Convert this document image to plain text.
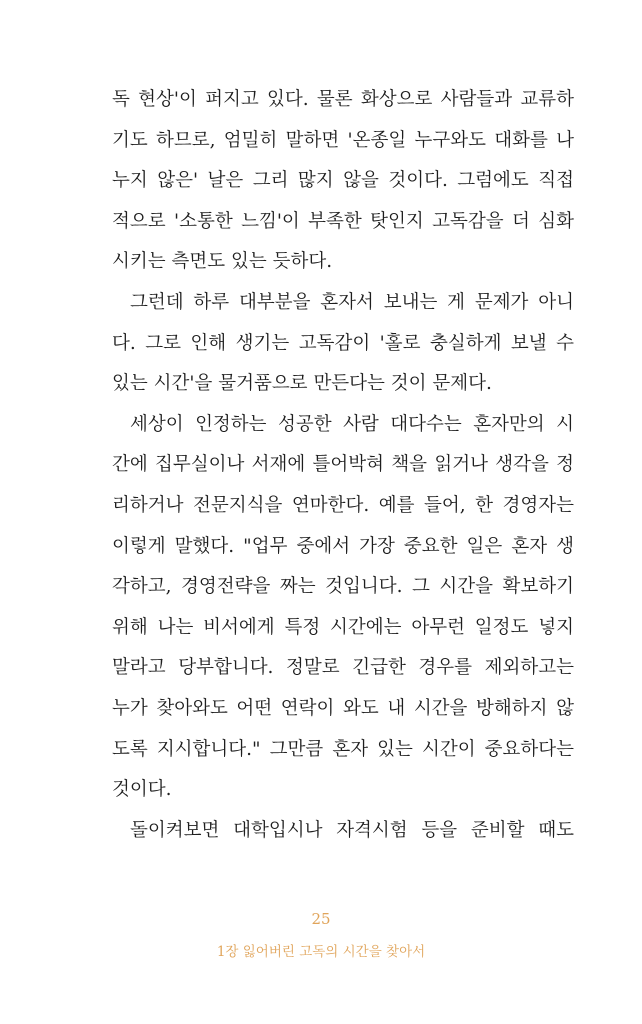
독 현상'이 퍼지고 있다. 물론 화상으로 사람들과 교류하
기도 하므로, 엄밀히 말하면 '온종일 누구와도 대화를 나
누지 않은' 날은 그리 많지 않을 것이다. 그럼에도 직접
적으로 '소통한 느낌'이 부족한 탓인지 고독감을 더 심화
시키는 측면도 있는 듯하다.
그런데 하루 대부분을 혼자서 보내는 게 문제가 아니
다. 그로 인해 생기는 고독감이 '홀로 충실하게 보낼 수
있는 시간'을 물거품으로 만든다는 것이 문제다.
세상이 인정하는 성공한 사람 대다수는 혼자만의 시
간에 집무실이나 서재에 틀어박혀 책을 읽거나 생각을 정
리하거나 전문지식을 연마한다. 예를 들어, 한 경영자는
이렇게 말했다. "업무 중에서 가장 중요한 일은 혼자 생
각하고, 경영전략을 짜는 것입니다. 그 시간을 확보하기
위해 나는 비서에게 특정 시간에는 아무런 일정도 넣지
말라고 당부합니다. 정말로 긴급한 경우를 제외하고는
누가 찾아와도 어떤 연락이 와도 내 시간을 방해하지 않
도록 지시합니다." 그만큼 혼자 있는 시간이 중요하다는
것이다.
돌이켜보면 대학입시나 자격시험 등을 준비할 때도
25
1장 잃어버린 고독의 시간을 찾아서
